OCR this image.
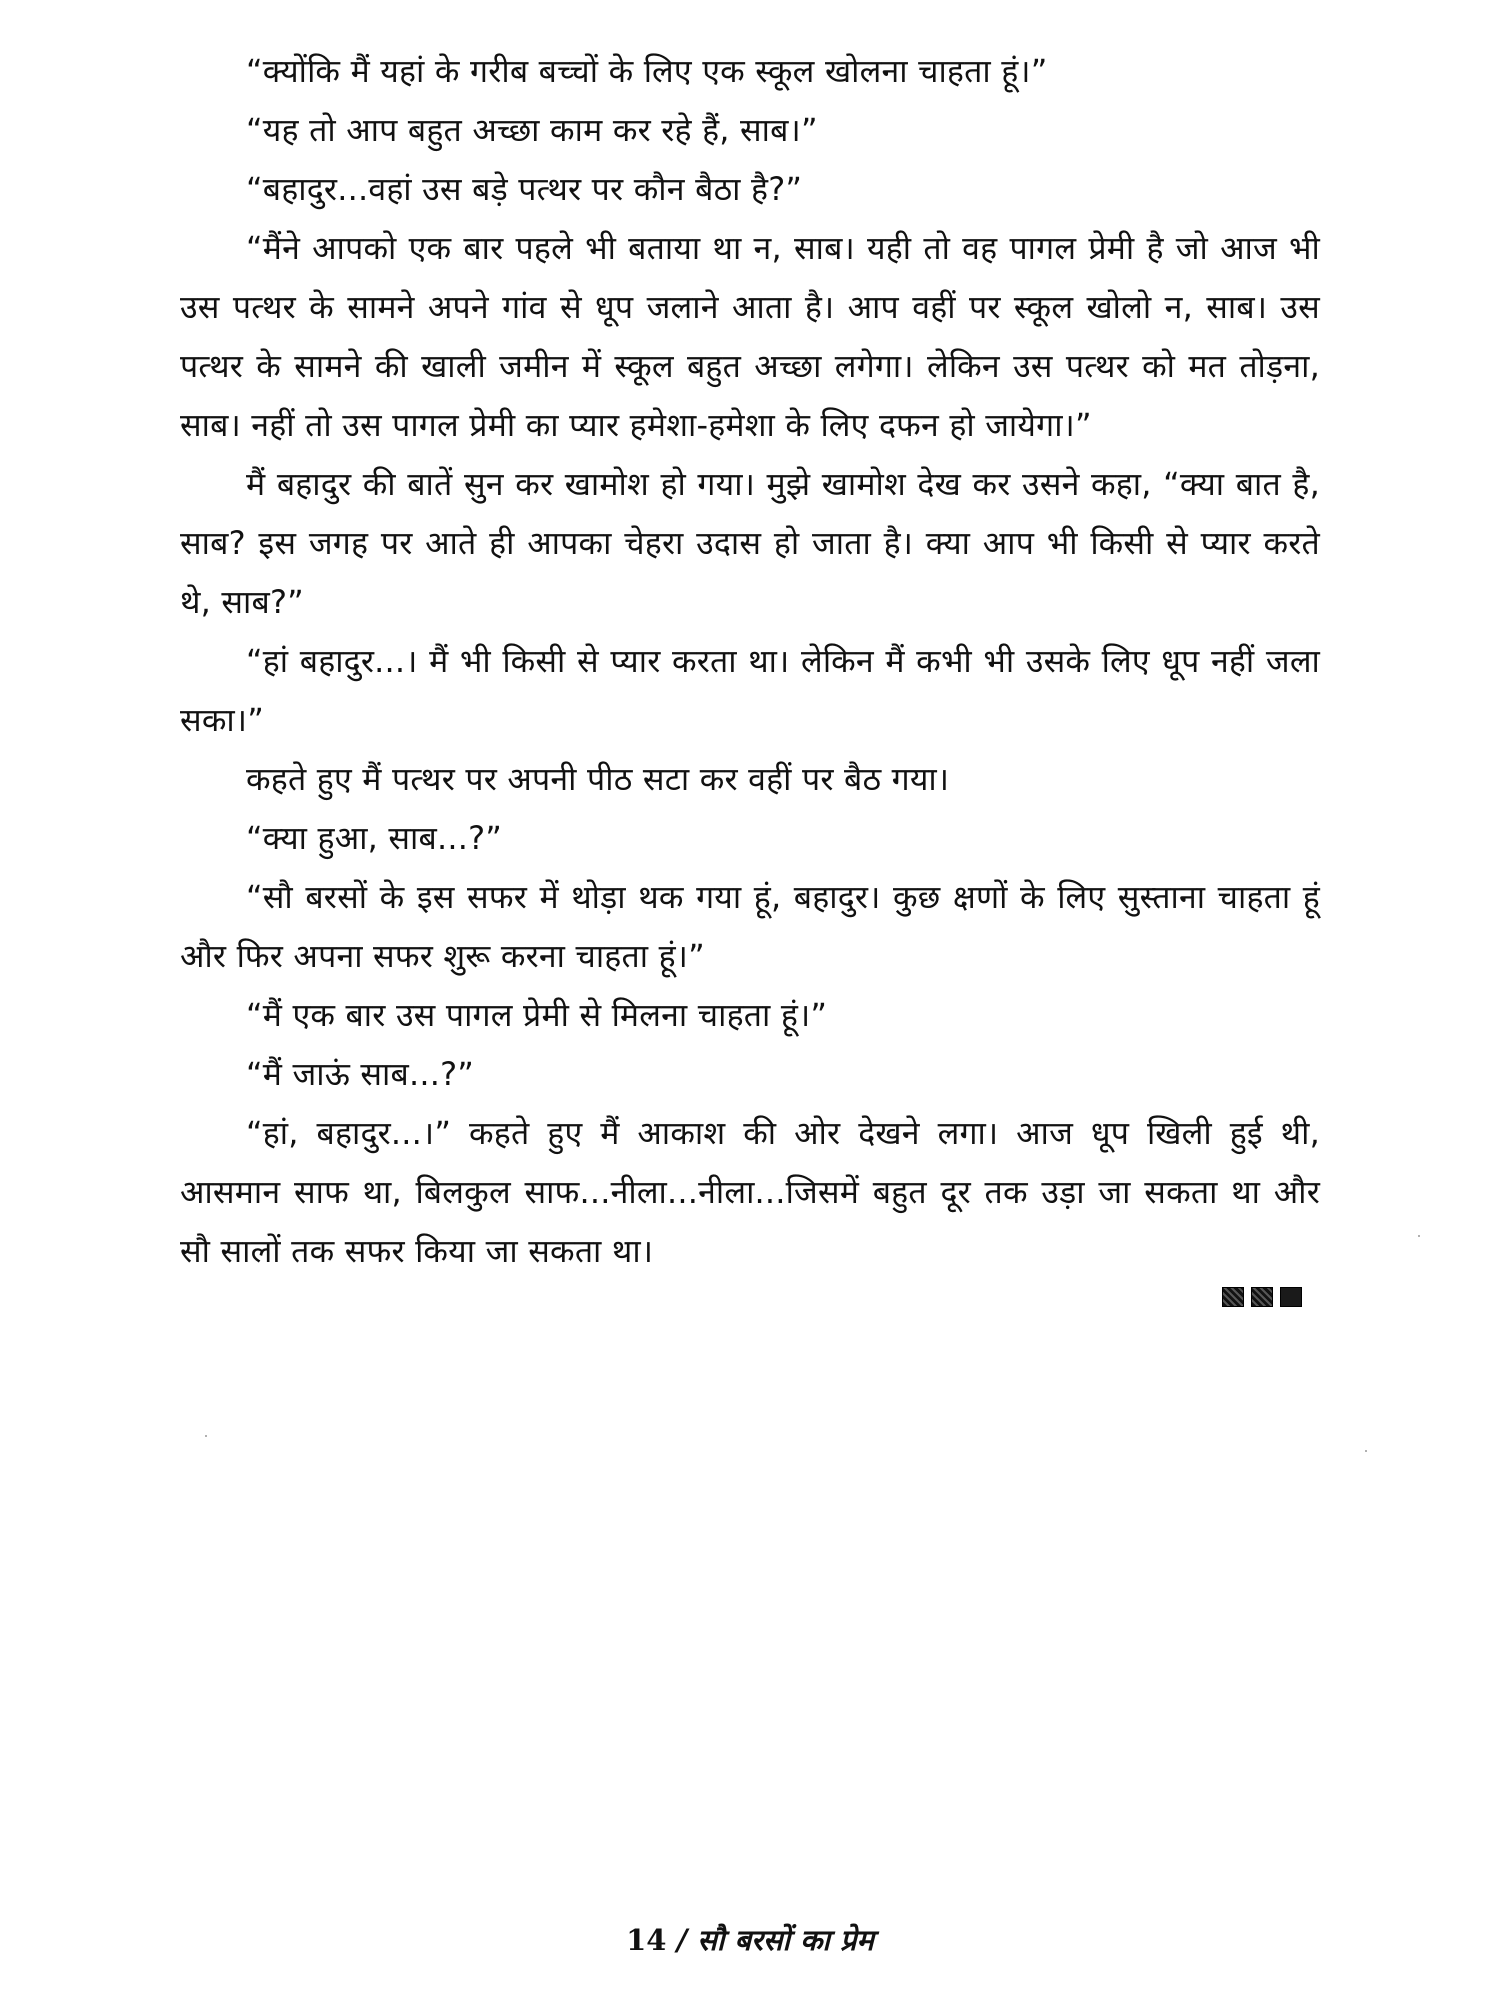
“क्योंकि मैं यहां के गरीब बच्चों के लिए एक स्कूल खोलना चाहता हूं।”

“यह तो आप बहुत अच्छा काम कर रहे हैं, साब।”

“बहादुर...वहां उस बड़े पत्थर पर कौन बैठा है?”

“मैंने आपको एक बार पहले भी बताया था न, साब। यही तो वह पागल प्रेमी है जो आज भी उस पत्थर के सामने अपने गांव से धूप जलाने आता है। आप वहीं पर स्कूल खोलो न, साब। उस पत्थर के सामने की खाली जमीन में स्कूल बहुत अच्छा लगेगा। लेकिन उस पत्थर को मत तोड़ना, साब। नहीं तो उस पागल प्रेमी का प्यार हमेशा-हमेशा के लिए दफन हो जायेगा।”

मैं बहादुर की बातें सुन कर खामोश हो गया। मुझे खामोश देख कर उसने कहा, “क्या बात है, साब? इस जगह पर आते ही आपका चेहरा उदास हो जाता है। क्या आप भी किसी से प्यार करते थे, साब?”

“हां बहादुर...। मैं भी किसी से प्यार करता था। लेकिन मैं कभी भी उसके लिए धूप नहीं जला सका।”

कहते हुए मैं पत्थर पर अपनी पीठ सटा कर वहीं पर बैठ गया।

“क्या हुआ, साब...?”

“सौ बरसों के इस सफर में थोड़ा थक गया हूं, बहादुर। कुछ क्षणों के लिए सुस्ताना चाहता हूं और फिर अपना सफर शुरू करना चाहता हूं।”

“मैं एक बार उस पागल प्रेमी से मिलना चाहता हूं।”

“मैं जाऊं साब...?”

“हां, बहादुर...।” कहते हुए मैं आकाश की ओर देखने लगा। आज धूप खिली हुई थी, आसमान साफ था, बिलकुल साफ...नीला...नीला...जिसमें बहुत दूर तक उड़ा जा सकता था और सौ सालों तक सफर किया जा सकता था।

14 / सौ बरसों का प्रेम
